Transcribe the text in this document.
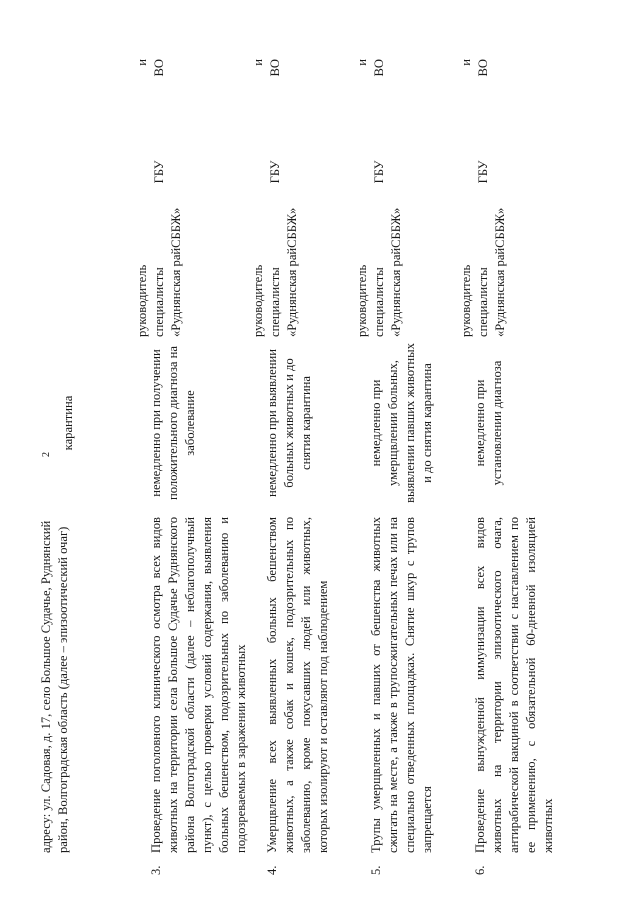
2
адресу: ул. Садовая, д. 17, село Большое Судачье, Руднянский район, Волгоградская область (далее – эпизоотический очаг)
карантина
3.
Проведение поголовного клинического осмотра всех видов животных на территории села Большое Судачье Руднянского района Волгоградской области (далее – неблагополучный пункт), с целью проверки условий содержания, выявления больных бешенством, подозрительных по заболеванию и подозреваемых в заражении животных
немедленно при получении положительного диагноза на заболевание
и
руководитель специалисты
ГБУ
ВО
«Руднянская райСББЖ»
4.
Умерщвление всех выявленных больных бешенством животных, а также собак и кошек, подозрительных по заболеванию, кроме покусавших людей или животных, которых изолируют и оставляют под наблюдением
немедленно при выявлении больных животных и до снятия карантина
и
руководитель специалисты
ГБУ
ВО
«Руднянская райСББЖ»
5.
Трупы умерщвленных и павших от бешенства животных сжигать на месте, а также в трупосжигательных печах или на специально отведенных площадках. Снятие шкур с трупов запрещается
немедленно при умерщвлении больных, выявлении павших животных и до снятия карантина
и
руководитель специалисты
ГБУ
ВО
«Руднянская райСББЖ»
6.
Проведение вынужденной иммунизации всех видов животных на территории эпизоотического очага, антирабической вакциной в соответствии с наставлением по ее применению, с обязательной 60-дневной изоляцией животных
немедленно при установлении диагноза
и
руководитель специалисты
ГБУ
ВО
«Руднянская райСББЖ»
